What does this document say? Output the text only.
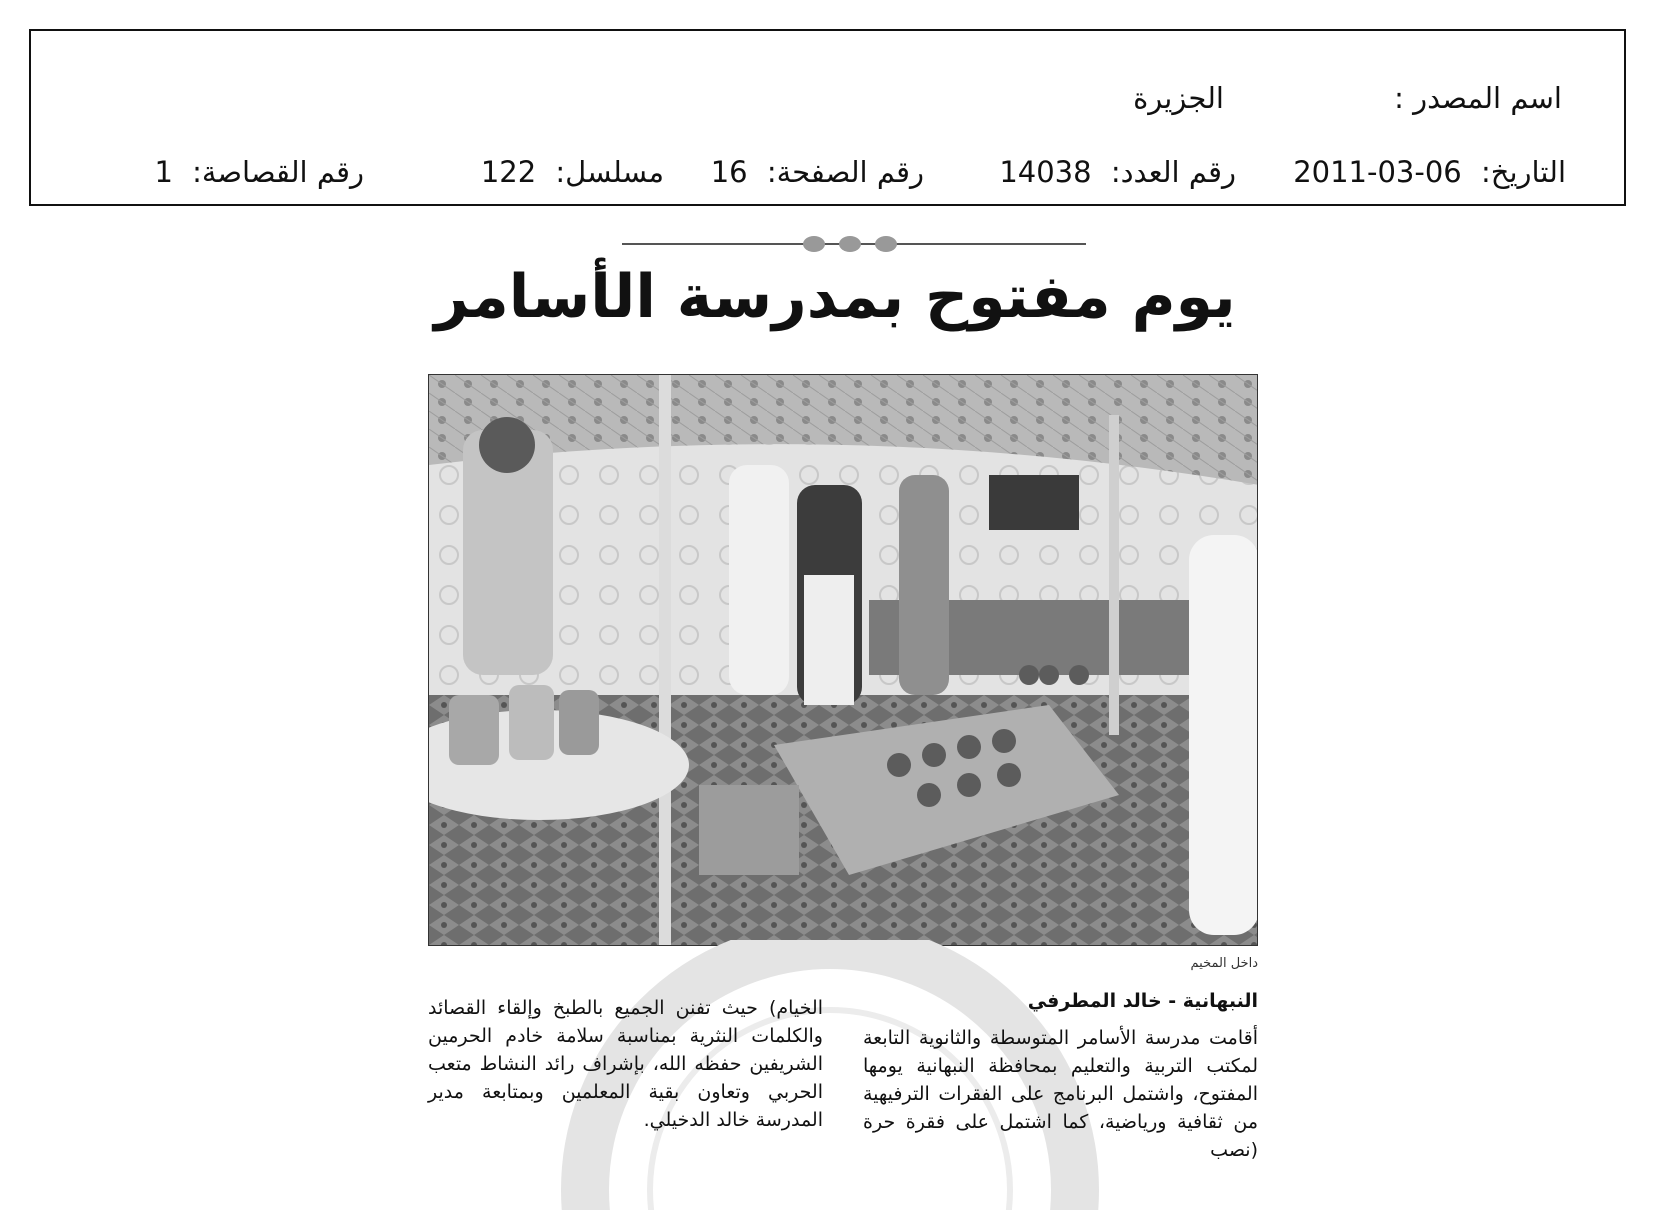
اسم المصدر :
الجزيرة
التاريخ: 2011-03-06
رقم العدد: 14038
رقم الصفحة: 16
مسلسل: 122
رقم القصاصة: 1
يوم مفتوح بمدرسة الأسامر
داخل المخيم
النبهانية - خالد المطرفي
أقامت مدرسة الأسامر المتوسطة والثانوية التابعة لمكتب التربية والتعليم بمحافظة النبهانية يومها المفتوح، واشتمل البرنامج على الفقرات الترفيهية من ثقافية ورياضية، كما اشتمل على فقرة حرة (نصب
الخيام) حيث تفنن الجميع بالطبخ وإلقاء القصائد والكلمات النثرية بمناسبة سلامة خادم الحرمين الشريفين حفظه الله، بإشراف رائد النشاط متعب الحربي وتعاون بقية المعلمين وبمتابعة مدير المدرسة خالد الدخيلي.
